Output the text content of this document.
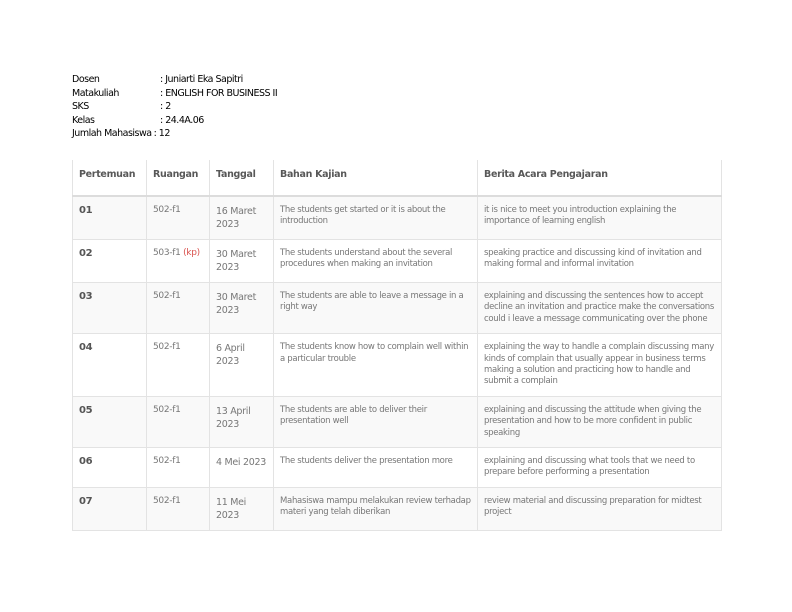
Dosen	: Juniarti Eka Sapitri
Matakuliah	: ENGLISH FOR BUSINESS II
SKS	: 2
Kelas	: 24.4A.06
Jumlah Mahasiswa : 12
Pertemuan	Ruangan	Tanggal	Bahan Kajian	Berita Acara Pengajaran
01	502-f1	16 Maret 2023	The students get started or it is about the introduction	it is nice to meet you introduction explaining the importance of learning english
02	503-f1 (kp)	30 Maret 2023	The students understand about the several procedures when making an invitation	speaking practice and discussing kind of invitation and making formal and informal invitation
03	502-f1	30 Maret 2023	The students are able to leave a message in a right way	explaining and discussing the sentences how to accept decline an invitation and practice make the conversations could i leave a message communicating over the phone
04	502-f1	6 April 2023	The students know how to complain well within a particular trouble	explaining the way to handle a complain discussing many kinds of complain that usually appear in business terms making a solution and practicing how to handle and submit a complain
05	502-f1	13 April 2023	The students are able to deliver their presentation well	explaining and discussing the attitude when giving the presentation and how to be more confident in public speaking
06	502-f1	4 Mei 2023	The students deliver the presentation more	explaining and discussing what tools that we need to prepare before performing a presentation
07	502-f1	11 Mei 2023	Mahasiswa mampu melakukan review terhadap materi yang telah diberikan	review material and discussing preparation for midtest project
